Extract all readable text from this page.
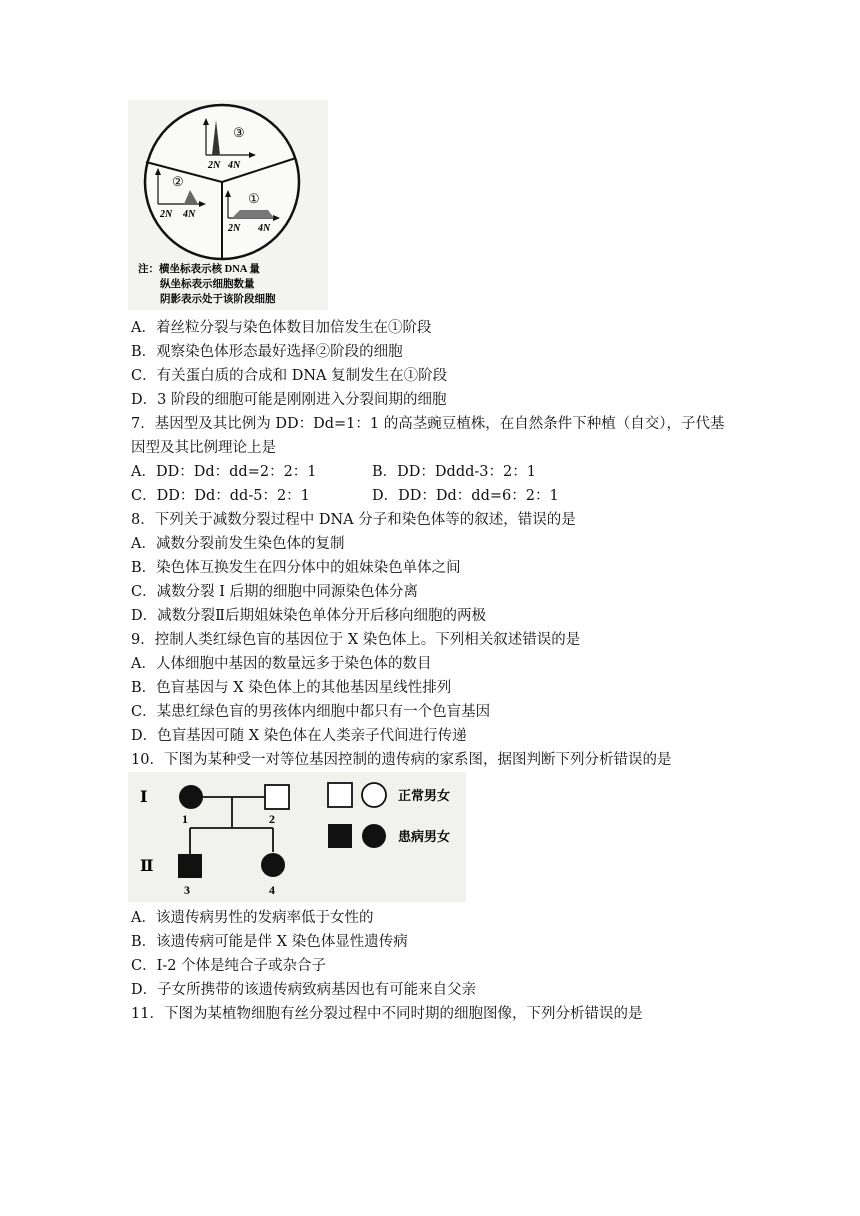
③
2N 4N
②
2N 4N
①
2N 4N
注：横坐标表示核 DNA 量
纵坐标表示细胞数量
阴影表示处于该阶段细胞
A．着丝粒分裂与染色体数目加倍发生在①阶段
B．观察染色体形态最好选择②阶段的细胞
C．有关蛋白质的合成和 DNA 复制发生在①阶段
D．3 阶段的细胞可能是刚刚进入分裂间期的细胞
7．基因型及其比例为 DD：Dd=1：1 的高茎豌豆植株，在自然条件下种植（自交），子代基
因型及其比例理论上是
A．DD：Dd：dd=2：2：1	B．DD：Dddd-3：2：1
C．DD：Dd：dd-5：2：1	D．DD：Dd：dd=6：2：1
8．下列关于减数分裂过程中 DNA 分子和染色体等的叙述，错误的是
A．减数分裂前发生染色体的复制
B．染色体互换发生在四分体中的姐妹染色单体之间
C．减数分裂 I 后期的细胞中同源染色体分离
D．减数分裂Ⅱ后期姐妹染色单体分开后移向细胞的两极
9．控制人类红绿色盲的基因位于 X 染色体上。下列相关叙述错误的是
A．人体细胞中基因的数量远多于染色体的数目
B．色盲基因与 X 染色体上的其他基因星线性排列
C．某患红绿色盲的男孩体内细胞中都只有一个色盲基因
D．色盲基因可随 X 染色体在人类亲子代间进行传递
10．下图为某种受一对等位基因控制的遗传病的家系图，据图判断下列分析错误的是
Ⅰ
Ⅱ
1	2
3	4
正常男女
患病男女
A．该遗传病男性的发病率低于女性的
B．该遗传病可能是伴 X 染色体显性遗传病
C．I-2 个体是纯合子或杂合子
D．子女所携带的该遗传病致病基因也有可能来自父亲
11．下图为某植物细胞有丝分裂过程中不同时期的细胞图像，下列分析错误的是
